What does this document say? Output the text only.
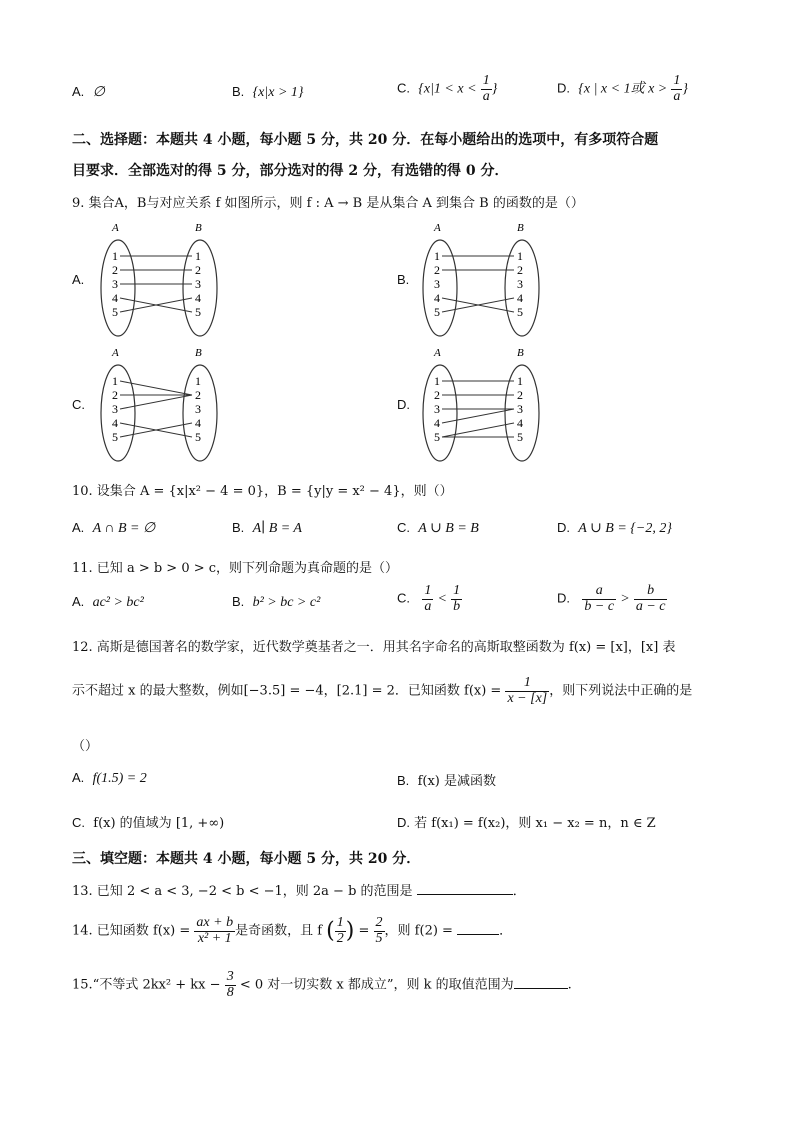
A. ∅	B. {x|x > 1}	C. {$x|1 < x < \frac{1}{a}$ }	D. {x | x < 1或 $x > \frac{1}{a}$ }
二、选择题：本题共 4 小题，每小题 5 分，共 20 分．在每小题给出的选项中，有多项符合题
目要求．全部选对的得 5 分，部分选对的得 2 分，有选错的得 0 分．
9. 集合A，B与对应关系 f 如图所示，则 f : A → B 是从集合 A 到集合 B 的函数的是（）
A.
A	B
1
2
3
4
5
1
2
3
4
5
B.
A	B
1
2
3
4
5
1
2
3
4
5
C.
A	B
1
2
3
4
5
1
2
3
4
5
D.
A	B
1
2
3
4
5
1
2
3
4
5
10. 设集合 A = {x|x² − 4 = 0}，B = {y|y = x² − 4}，则（）
A. A ∩ B = ∅	B. A∣ B = A	C. A ∪ B = B	D. A ∪ B = {−2, 2}
11. 已知 a > b > 0 > c，则下列命题为真命题的是（）
A. ac² > bc²	B. b² > bc > c²	C. $\frac{1}{a} < \frac{1}{b}$	D. $\frac{a}{b - c} > \frac{b}{a - c}$
12. 高斯是德国著名的数学家，近代数学奠基者之一．用其名字命名的高斯取整函数为 f(x) = [x]，[x] 表
示不超过 x 的最大整数，例如[−3.5] = −4，[2.1] = 2．已知函数 $f(x) = \frac{1}{x - [x]}$ ，则下列说法中正确的是
（）
A. f(1.5) = 2	B. f(x) 是减函数
C. f(x) 的值域为 [1, +∞)	D. 若 f(x₁) = f(x₂)，则 x₁ − x₂ = n，n ∈ Z
三、填空题：本题共 4 小题，每小题 5 分，共 20 分．
13. 已知 2 < a < 3, −2 < b < −1，则 2a − b 的范围是	．
14. 已知函数 $f(x) = \frac{ax + b}{\text{x² + 1}}$ 是奇函数，且 f ( $\frac{1}{2}$ ) = $\frac{2}{5}$ ，则 f(2) =	．
15.“不等式 2kx² + kx − $\frac{3}{8} < 0$ 对一切实数 x 都成立”，则 k 的取值范围为	.
